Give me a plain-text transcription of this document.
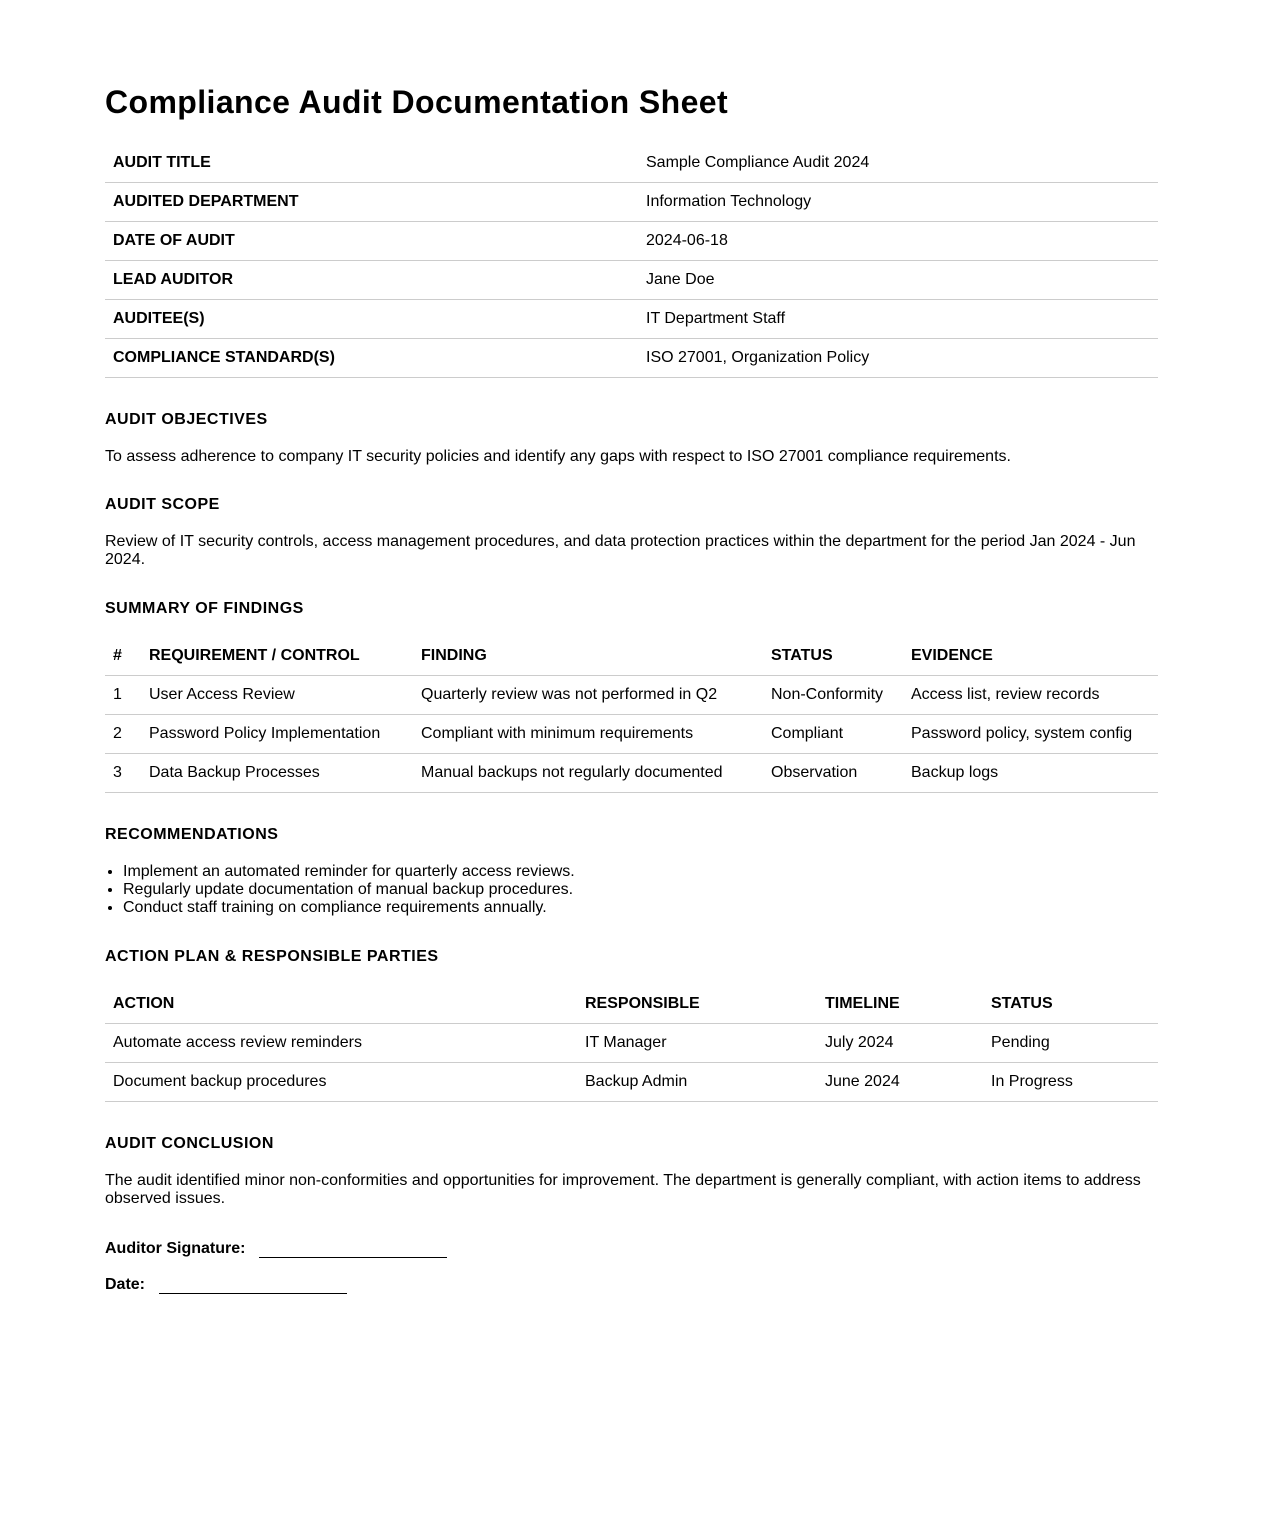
Compliance Audit Documentation Sheet
AUDIT TITLE	Sample Compliance Audit 2024
AUDITED DEPARTMENT	Information Technology
DATE OF AUDIT	2024-06-18
LEAD AUDITOR	Jane Doe
AUDITEE(S)	IT Department Staff
COMPLIANCE STANDARD(S)	ISO 27001, Organization Policy
AUDIT OBJECTIVES

To assess adherence to company IT security policies and identify any gaps with respect to ISO 27001 compliance requirements.

AUDIT SCOPE

Review of IT security controls, access management procedures, and data protection practices within the department for the period Jan 2024 - Jun 2024.

SUMMARY OF FINDINGS
#	REQUIREMENT / CONTROL	FINDING	STATUS	EVIDENCE
1	User Access Review	Quarterly review was not performed in Q2	Non-Conformity	Access list, review records
2	Password Policy Implementation	Compliant with minimum requirements	Compliant	Password policy, system config
3	Data Backup Processes	Manual backups not regularly documented	Observation	Backup logs
RECOMMENDATIONS
• Implement an automated reminder for quarterly access reviews.
• Regularly update documentation of manual backup procedures.
• Conduct staff training on compliance requirements annually.
ACTION PLAN & RESPONSIBLE PARTIES
ACTION	RESPONSIBLE	TIMELINE	STATUS
Automate access review reminders	IT Manager	July 2024	Pending
Document backup procedures	Backup Admin	June 2024	In Progress
AUDIT CONCLUSION

The audit identified minor non-conformities and opportunities for improvement. The department is generally compliant, with action items to address observed issues.

Auditor Signature:
Date:
